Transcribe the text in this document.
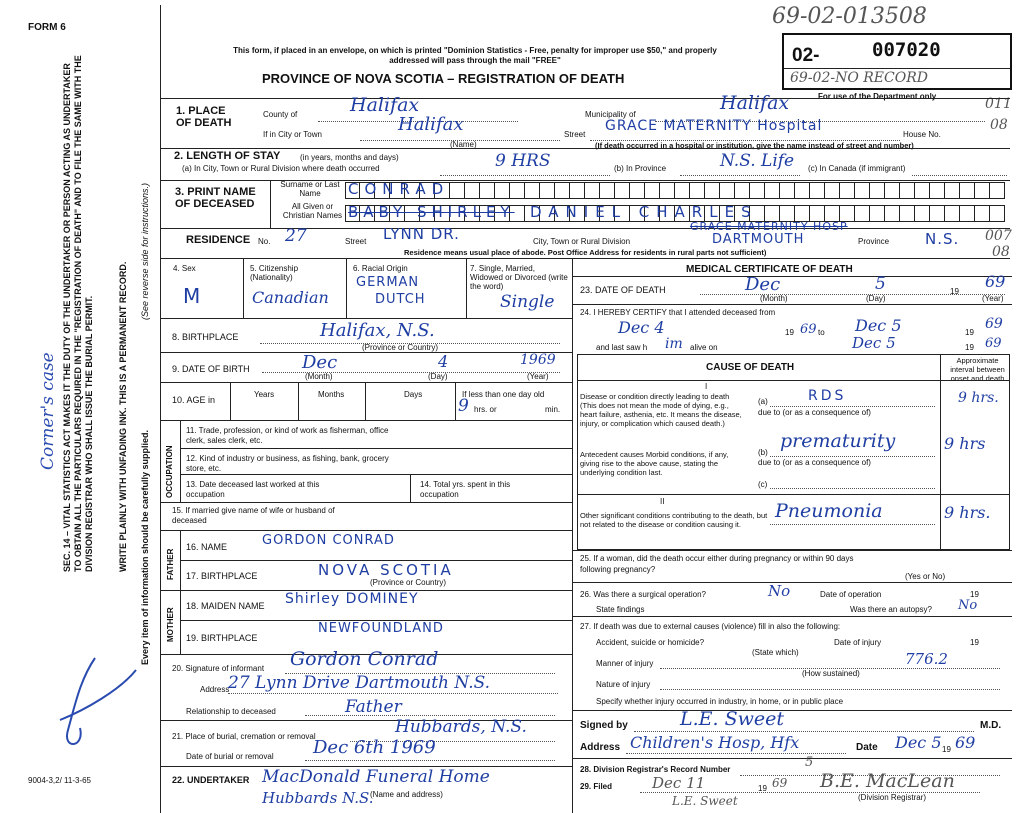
FORM 6	69-02-013508
This form, if placed in an envelope, on which is printed "Dominion Statistics - Free, penalty for improper use $50," and properly addressed will pass through the mail "FREE"
PROVINCE OF NOVA SCOTIA – REGISTRATION OF DEATH
02-	007020
69-02-NO RECORD
For use of the Department only	011
08
007
08
SEC. 14 – VITAL STATISTICS ACT MAKES IT THE DUTY OF THE UNDERTAKER OR PERSON ACTING AS UNDERTAKER TO OBTAIN ALL THE PARTICULARS REQUIRED IN THE "REGISTRATION OF DEATH" AND TO FILE THE SAME WITH THE DIVISION REGISTRAR WHO SHALL ISSUE THE BURIAL PERMIT.	WRITE PLAINLY WITH UNFADING INK. THIS IS A PERMANENT RECORD. Every item of information should be carefully supplied.
(See reverse side for instructions.)
Corner's case
9004-3,2/ 11-3-65
1. PLACE OF DEATH
County of	Halifax	Municipality of
Halifax
If in City or Town	Halifax
(Name)
Street
GRACE MATERNITY Hospital
House No.
(If death occurred in a hospital or institution, give the name instead of street and number)
2. LENGTH OF STAY (in years, months and days)
(a) In City, Town or Rural Division where death occurred	9 HRS	(b) In Province	N.S. Life (c) In Canada (if immigrant)
3. PRINT NAME OF DECEASED
Surname or Last Name	CONRAD
All Given or Christian Names BABY SHIRLEY DANIEL CHARLES
RESIDENCE No. 27	Street LYNN DR.	City, Town or Rural Division
GRACE MATERNITY HOSP
DARTMOUTH	Province N.S.
Residence means usual place of abode. Post Office Address for residents in rural parts not sufficient)
4. Sex
M
5. Citizenship (Nationality)
Canadian
6. Racial Origin
GERMAN
DUTCH
7. Single, Married, Widowed or Divorced (write the word)
Single
8. BIRTHPLACE	Halifax, N.S.
(Province or Country)
9. DATE OF BIRTH	Dec	4	1969
(Month)	(Day)	(Year)
10. AGE in
Years	Months	Days	If less than one day old
9 hrs. or	min.
OCCUPATION
11. Trade, profession, or kind of work as fisherman, office clerk, sales clerk, etc.
12. Kind of industry or business, as fishing, bank, grocery store, etc.
13. Date deceased last worked at this occupation
14. Total yrs. spent in this occupation
15. If married give name of wife or husband of deceased
FATHER
16. NAME	GORDON CONRAD
17. BIRTHPLACE	NOVA SCOTIA
(Province or Country)
MOTHER
18. MAIDEN NAME Shirley DOMINEY
19. BIRTHPLACE
NEWFOUNDLAND
20. Signature of informant Gordon Conrad
Address
27 Lynn Drive Dartmouth N.S.
Relationship to deceased	Father
21. Place of burial, cremation or removal	Hubbards, N.S.
Date of burial or removal Dec 6th 1969
22. UNDERTAKER MacDonald Funeral Home
Hubbards N.S.
(Name and address)
MEDICAL CERTIFICATE OF DEATH
23. DATE OF DEATH	Dec	5	19
69
(Month)	(Day)	(Year)
24. I HEREBY CERTIFY that I attended deceased from
Dec 4	19 69 to Dec 5	19
69
and last saw h im alive on	Dec 5	19 69
CAUSE OF DEATH
Approximate interval between onset and death
I
Disease or condition directly leading to death (This does not mean the mode of dying, e.g., heart failure, asthenia, etc. It means the disease, injury, or complication which caused death.)
(a)	RDS
due to (or as a consequence of)
9 hrs.
Antecedent causes Morbid conditions, if any, giving rise to the above cause, stating the underlying condition last.
(b)
prematurity
due to (or as a consequence of)
9 hrs
(c)
II
Other significant conditions contributing to the death, but not related to the disease or condition causing it.
Pneumonia	9 hrs.
25. If a woman, did the death occur either during pregnancy or within 90 days following pregnancy?
(Yes or No)
26. Was there a surgical operation?	No	Date of operation	19
State findings	Was there an autopsy? No
27. If death was due to external causes (violence) fill in also the following:
Accident, suicide or homicide?	Date of injury	19
(State which)
Manner of injury	776.2
(How sustained)
Nature of injury
Specify whether injury occurred in industry, in home, or in public place
Signed by	L.E. Sweet	M.D.
Address Children's Hosp, Hfx	Date Dec 5 19 69
28. Division Registrar's Record Number	5
29. Filed	Dec 11	19 69 B.E. MacLean
(Division Registrar)
L.E. Sweet
